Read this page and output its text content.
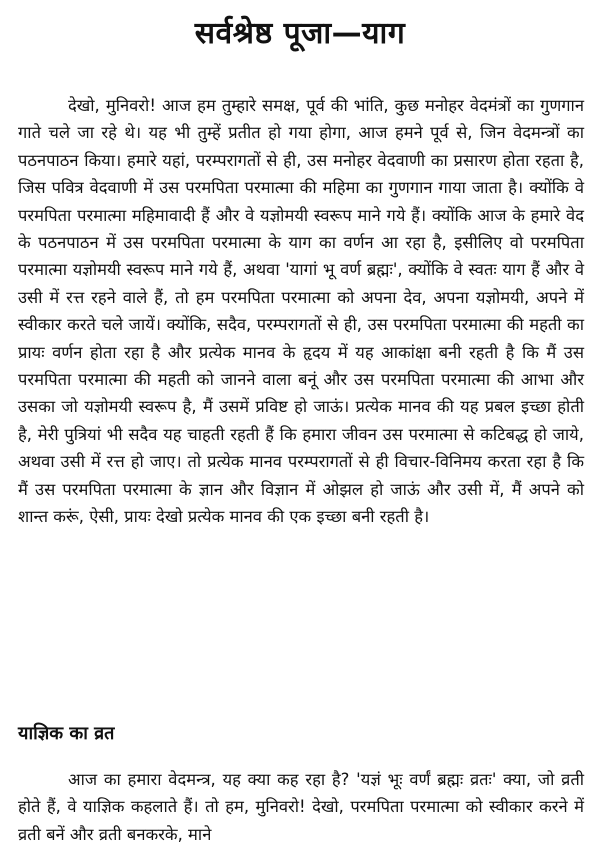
सर्वश्रेष्ठ पूजा—याग

देखो, मुनिवरो! आज हम तुम्हारे समक्ष, पूर्व की भांति, कुछ मनोहर वेदमंत्रों का गुणगान गाते चले जा रहे थे। यह भी तुम्हें प्रतीत हो गया होगा, आज हमने पूर्व से, जिन वेदमन्त्रों का पठनपाठन किया। हमारे यहां, परम्परागतों से ही, उस मनोहर वेदवाणी का प्रसारण होता रहता है, जिस पवित्र वेदवाणी में उस परमपिता परमात्मा की महिमा का गुणगान गाया जाता है। क्योंकि वे परमपिता परमात्मा महिमावादी हैं और वे यज्ञोमयी स्वरूप माने गये हैं। क्योंकि आज के हमारे वेद के पठनपाठन में उस परमपिता परमात्मा के याग का वर्णन आ रहा है, इसीलिए वो परमपिता परमात्मा यज्ञोमयी स्वरूप माने गये हैं, अथवा 'यागां भू वर्ण ब्रह्मः', क्योंकि वे स्वतः याग हैं और वे उसी में रत्त रहने वाले हैं, तो हम परमपिता परमात्मा को अपना देव, अपना यज्ञोमयी, अपने में स्वीकार करते चले जायें। क्योंकि, सदैव, परम्परागतों से ही, उस परमपिता परमात्मा की महती का प्रायः वर्णन होता रहा है और प्रत्येक मानव के हृदय में यह आकांक्षा बनी रहती है कि मैं उस परमपिता परमात्मा की महती को जानने वाला बनूं और उस परमपिता परमात्मा की आभा और उसका जो यज्ञोमयी स्वरूप है, मैं उसमें प्रविष्ट हो जाऊं। प्रत्येक मानव की यह प्रबल इच्छा होती है, मेरी पुत्रियां भी सदैव यह चाहती रहती हैं कि हमारा जीवन उस परमात्मा से कटिबद्ध हो जाये, अथवा उसी में रत्त हो जाए। तो प्रत्येक मानव परम्परागतों से ही विचार-विनिमय करता रहा है कि मैं उस परमपिता परमात्मा के ज्ञान और विज्ञान में ओझल हो जाऊं और उसी में, मैं अपने को शान्त करूं, ऐसी, प्रायः देखो प्रत्येक मानव की एक इच्छा बनी रहती है।

याज्ञिक का व्रत

आज का हमारा वेदमन्त्र, यह क्या कह रहा है? 'यज्ञं भूः वर्णं ब्रह्मः व्रतः' क्या, जो व्रती होते हैं, वे याज्ञिक कहलाते हैं। तो हम, मुनिवरो! देखो, परमपिता परमात्मा को स्वीकार करने में व्रती बनें और व्रती बनकरके, माने
